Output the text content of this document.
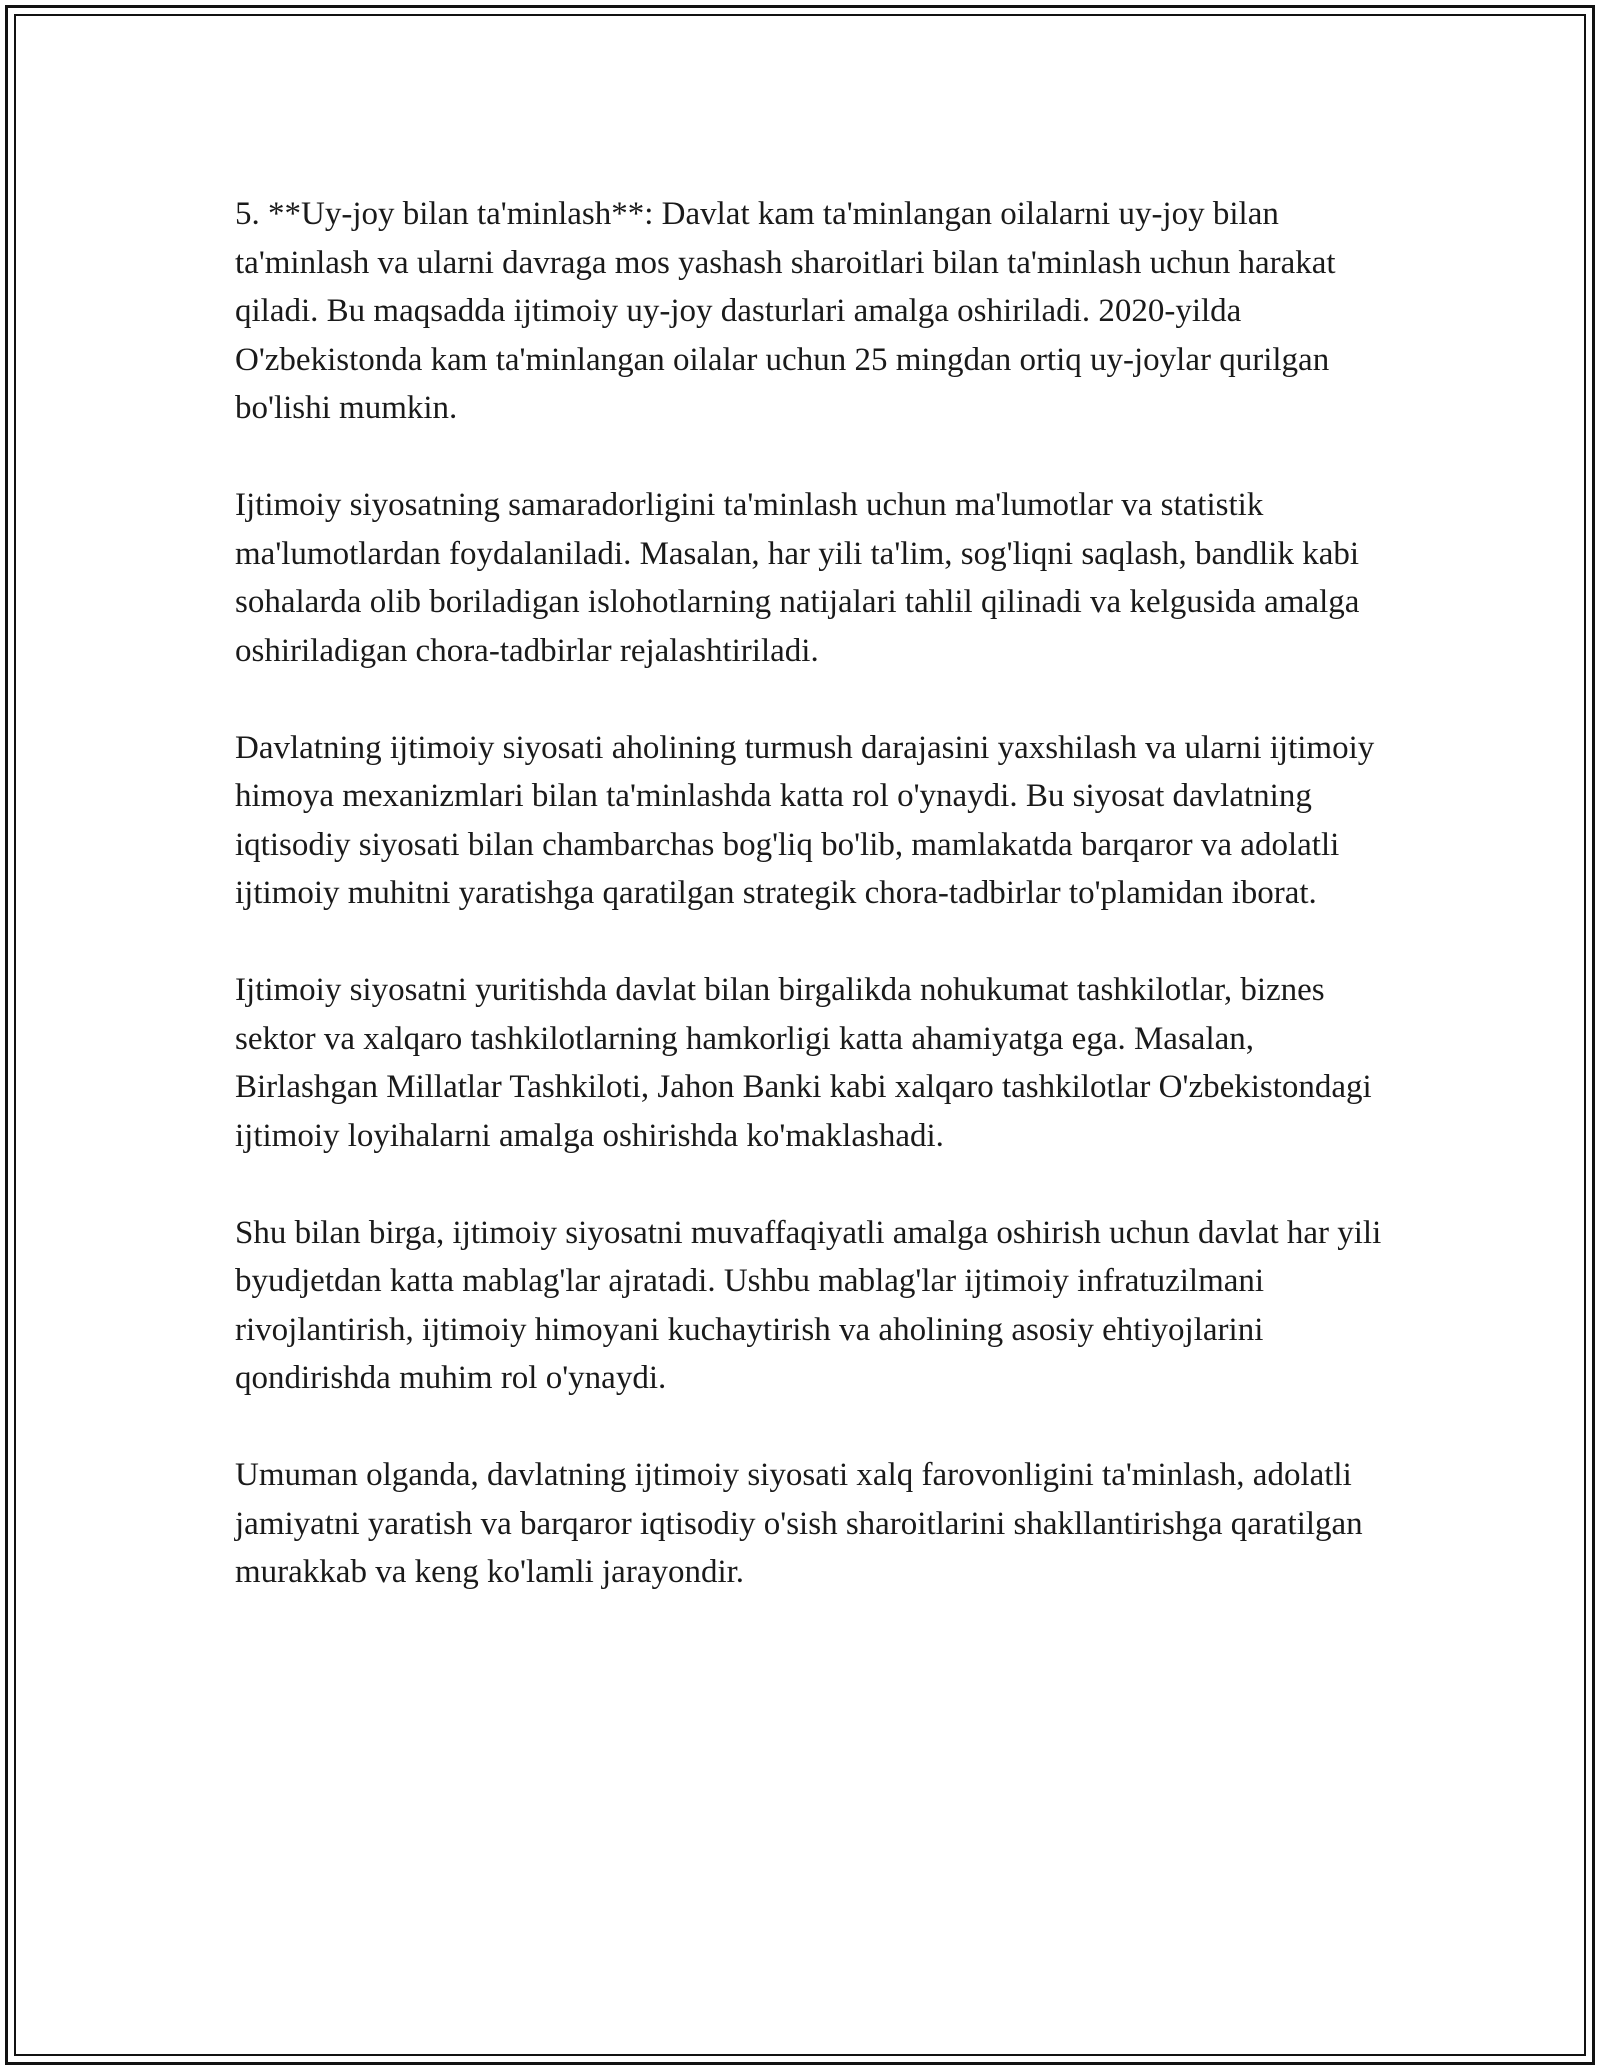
5. **Uy-joy bilan ta'minlash**: Davlat kam ta'minlangan oilalarni uy-joy bilan ta'minlash va ularni davraga mos yashash sharoitlari bilan ta'minlash uchun harakat qiladi. Bu maqsadda ijtimoiy uy-joy dasturlari amalga oshiriladi. 2020-yilda O'zbekistonda kam ta'minlangan oilalar uchun 25 mingdan ortiq uy-joylar qurilgan bo'lishi mumkin.

Ijtimoiy siyosatning samaradorligini ta'minlash uchun ma'lumotlar va statistik ma'lumotlardan foydalaniladi. Masalan, har yili ta'lim, sog'liqni saqlash, bandlik kabi sohalarda olib boriladigan islohotlarning natijalari tahlil qilinadi va kelgusida amalga oshiriladigan chora-tadbirlar rejalashtiriladi.

Davlatning ijtimoiy siyosati aholining turmush darajasini yaxshilash va ularni ijtimoiy himoya mexanizmlari bilan ta'minlashda katta rol o'ynaydi. Bu siyosat davlatning iqtisodiy siyosati bilan chambarchas bog'liq bo'lib, mamlakatda barqaror va adolatli ijtimoiy muhitni yaratishga qaratilgan strategik chora-tadbirlar to'plamidan iborat.

Ijtimoiy siyosatni yuritishda davlat bilan birgalikda nohukumat tashkilotlar, biznes sektor va xalqaro tashkilotlarning hamkorligi katta ahamiyatga ega. Masalan, Birlashgan Millatlar Tashkiloti, Jahon Banki kabi xalqaro tashkilotlar O'zbekistondagi ijtimoiy loyihalarni amalga oshirishda ko'maklashadi.

Shu bilan birga, ijtimoiy siyosatni muvaffaqiyatli amalga oshirish uchun davlat har yili byudjetdan katta mablag'lar ajratadi. Ushbu mablag'lar ijtimoiy infratuzilmani rivojlantirish, ijtimoiy himoyani kuchaytirish va aholining asosiy ehtiyojlarini qondirishda muhim rol o'ynaydi.

Umuman olganda, davlatning ijtimoiy siyosati xalq farovonligini ta'minlash, adolatli jamiyatni yaratish va barqaror iqtisodiy o'sish sharoitlarini shakllantirishga qaratilgan murakkab va keng ko'lamli jarayondir.
